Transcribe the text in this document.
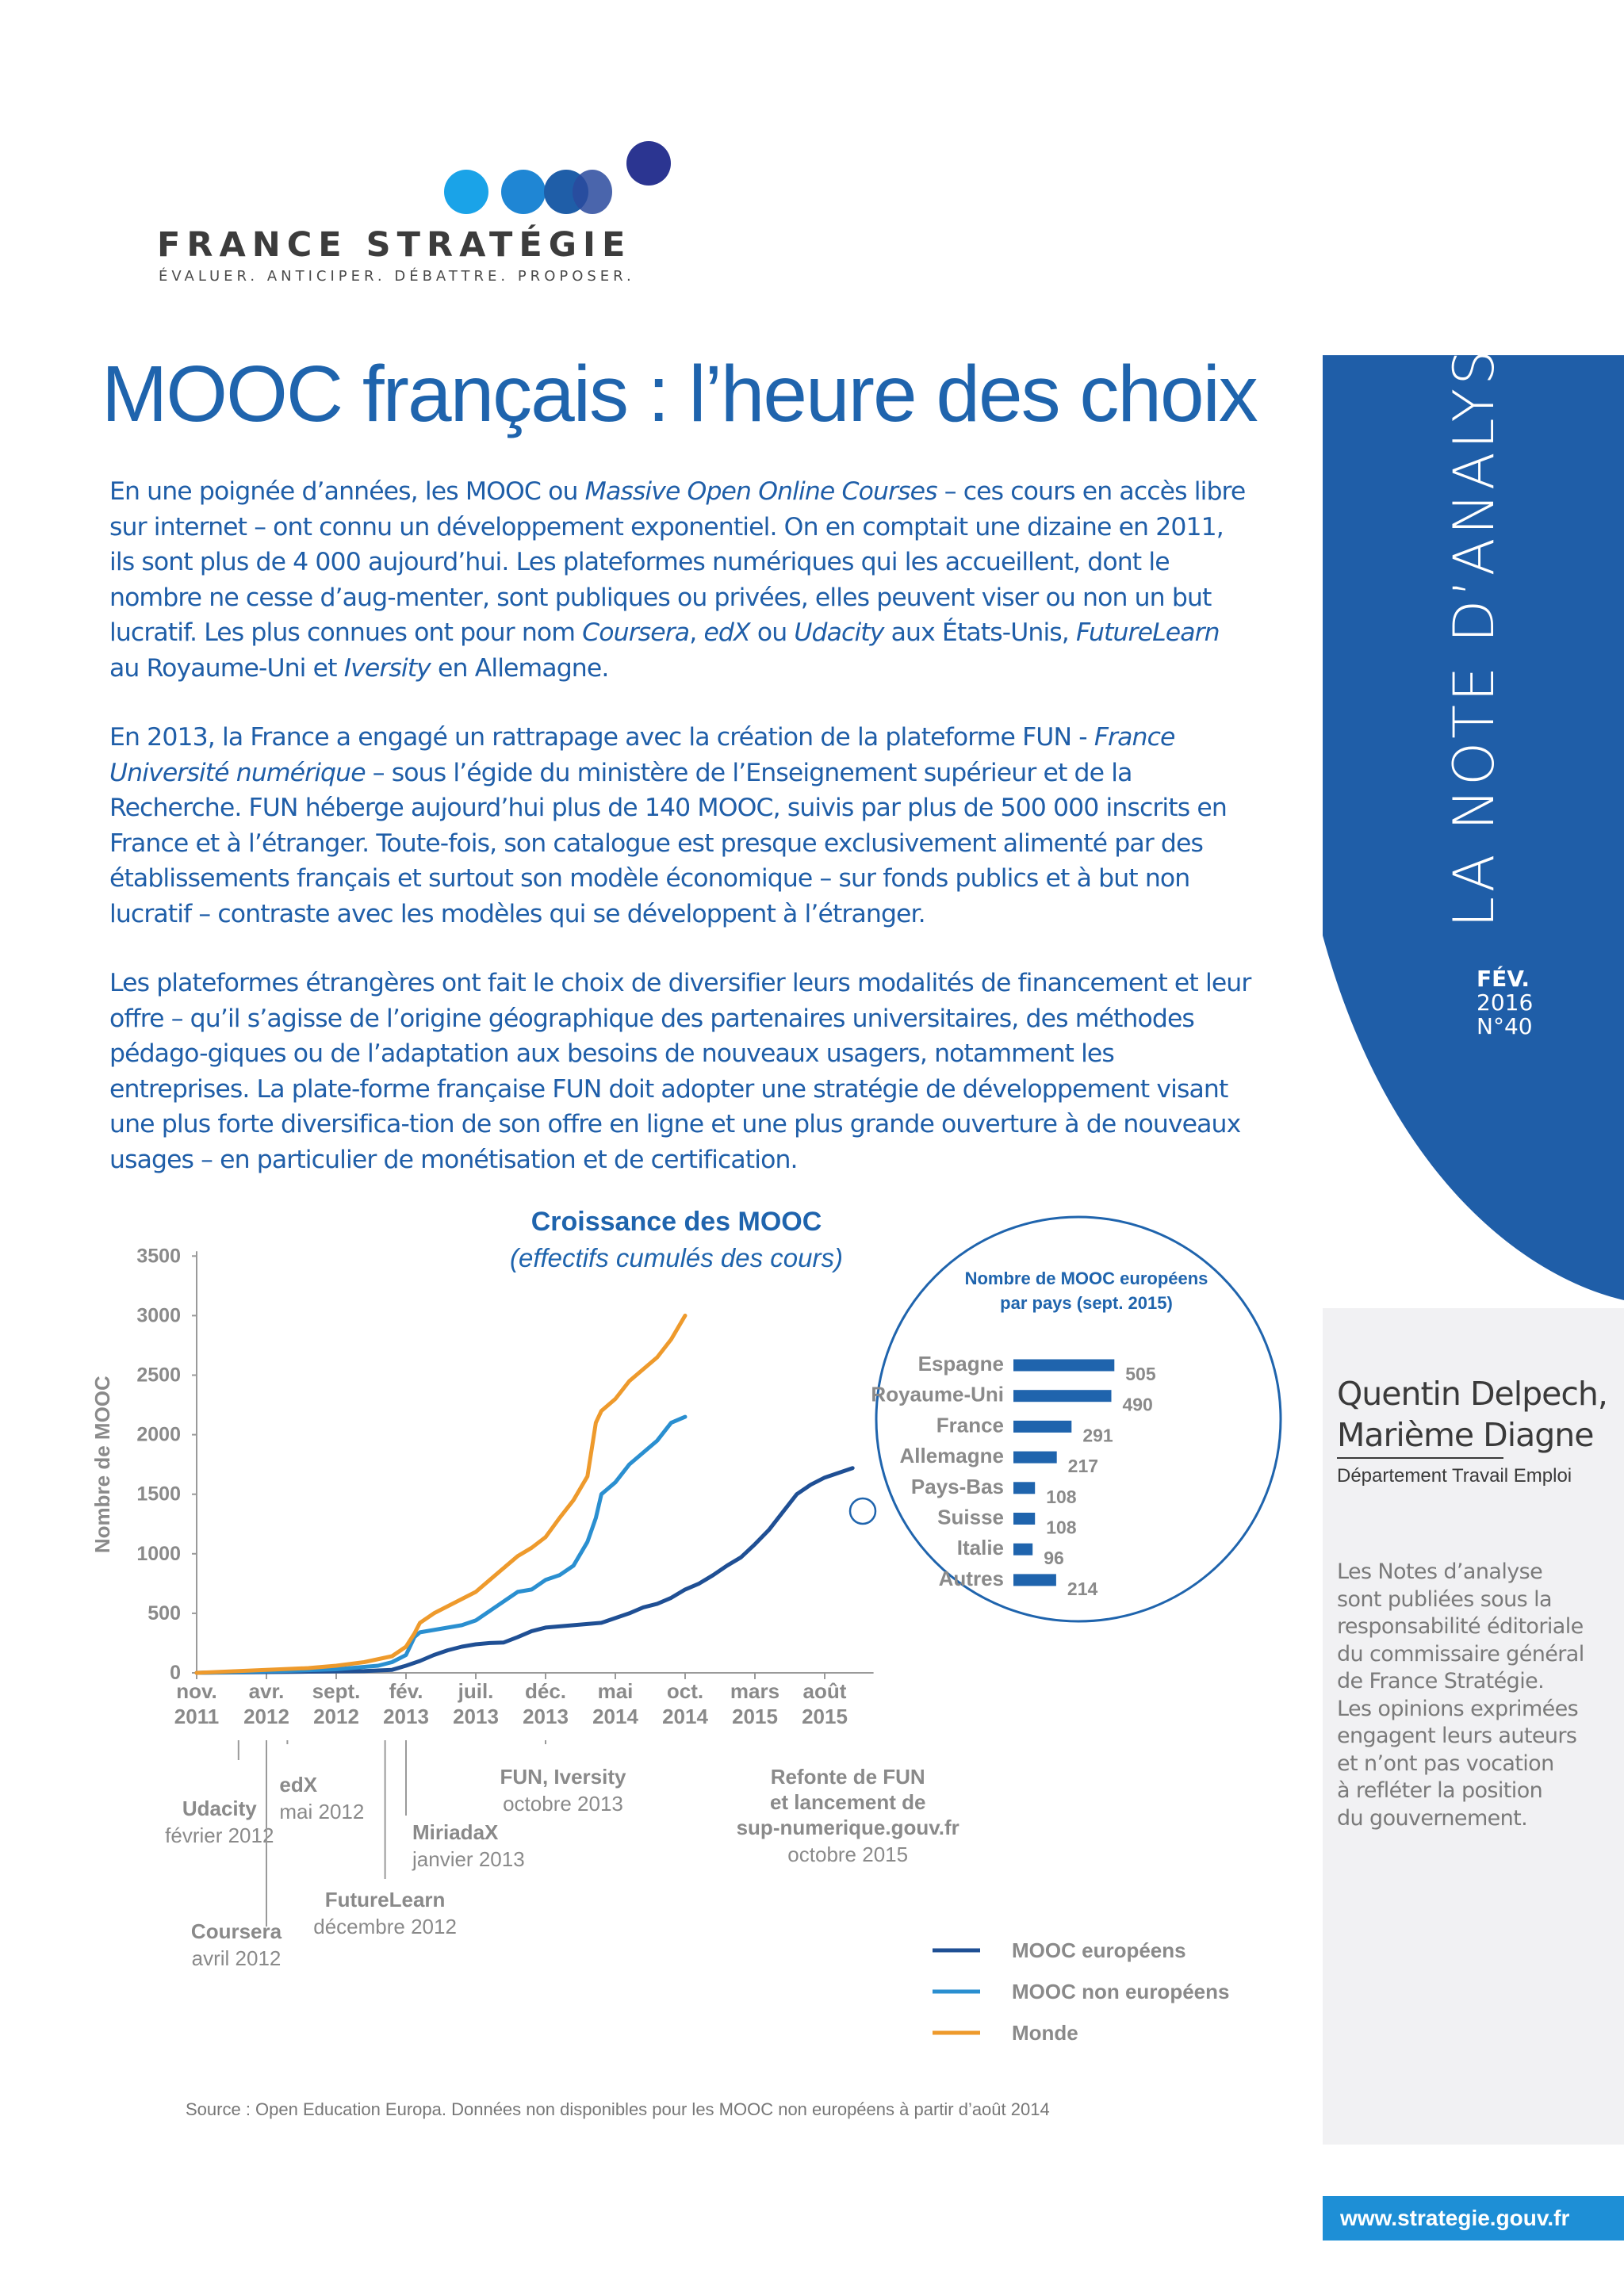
FRANCE STRATÉGIE
ÉVALUER. ANTICIPER. DÉBATTRE. PROPOSER.
LA NOTE D’ANALYSE
FÉV.
2016
N°40
Quentin Delpech,
Marième Diagne
Département Travail Emploi
Les Notes d’analyse
sont publiées sous la
responsabilité éditoriale
du commissaire général
de France Stratégie.
Les opinions exprimées
engagent leurs auteurs
et n’ont pas vocation
à refléter la position
du gouvernement.
www.strategie.gouv.fr
MOOC français : l’heure des choix

En une poignée d’années, les MOOC ou Massive Open Online Courses – ces cours en accès libre sur internet – ont connu un développement exponentiel. On en comptait une dizaine en 2011, ils sont plus de 4 000 aujourd’hui. Les plateformes numériques qui les accueillent, dont le nombre ne cesse d’aug-menter, sont publiques ou privées, elles peuvent viser ou non un but lucratif. Les plus connues ont pour nom Coursera, edX ou Udacity aux États-Unis, FutureLearn au Royaume-Uni et Iversity en Allemagne.

En 2013, la France a engagé un rattrapage avec la création de la plateforme FUN - France Université numérique – sous l’égide du ministère de l’Enseignement supérieur et de la Recherche. FUN héberge aujourd’hui plus de 140 MOOC, suivis par plus de 500 000 inscrits en France et à l’étranger. Toute-fois, son catalogue est presque exclusivement alimenté par des établissements français et surtout son modèle économique – sur fonds publics et à but non lucratif – contraste avec les modèles qui se développent à l’étranger.

Les plateformes étrangères ont fait le choix de diversifier leurs modalités de financement et leur offre – qu’il s’agisse de l’origine géographique des partenaires universitaires, des méthodes pédago-giques ou de l’adaptation aux besoins de nouveaux usagers, notamment les entreprises. La plate-forme française FUN doit adopter une stratégie de développement visant une plus forte diversifica-tion de son offre en ligne et une plus grande ouverture à de nouveaux usages – en particulier de monétisation et de certification.

Croissance des MOOC
(effectifs cumulés des cours)
0
500
1000
1500
2000
2500
3000
3500
Nombre de MOOC
nov.
2011
avr.
2012
sept.
2012
fév.
2013
juil.
2013
déc.
2013
mai
2014
oct.
2014
mars
2015
août
2015
Udacity
février 2012
Coursera
avril 2012
edX
mai 2012
FutureLearn
décembre 2012
MiriadaX
janvier 2013
FUN, Iversity
octobre 2013
Refonte de FUN
et lancement de
sup-numerique.gouv.fr
octobre 2015
Nombre de MOOC européens
par pays (sept. 2015)
Espagne	505
Royaume-Uni	490
France	291
Allemagne	217
Pays-Bas 108
Suisse 108
Italie 96
Autres	214
Source : Open Education Europa. Données non disponibles pour les MOOC non européens à partir d’août 2014
MOOC européens
MOOC non européens
Monde
